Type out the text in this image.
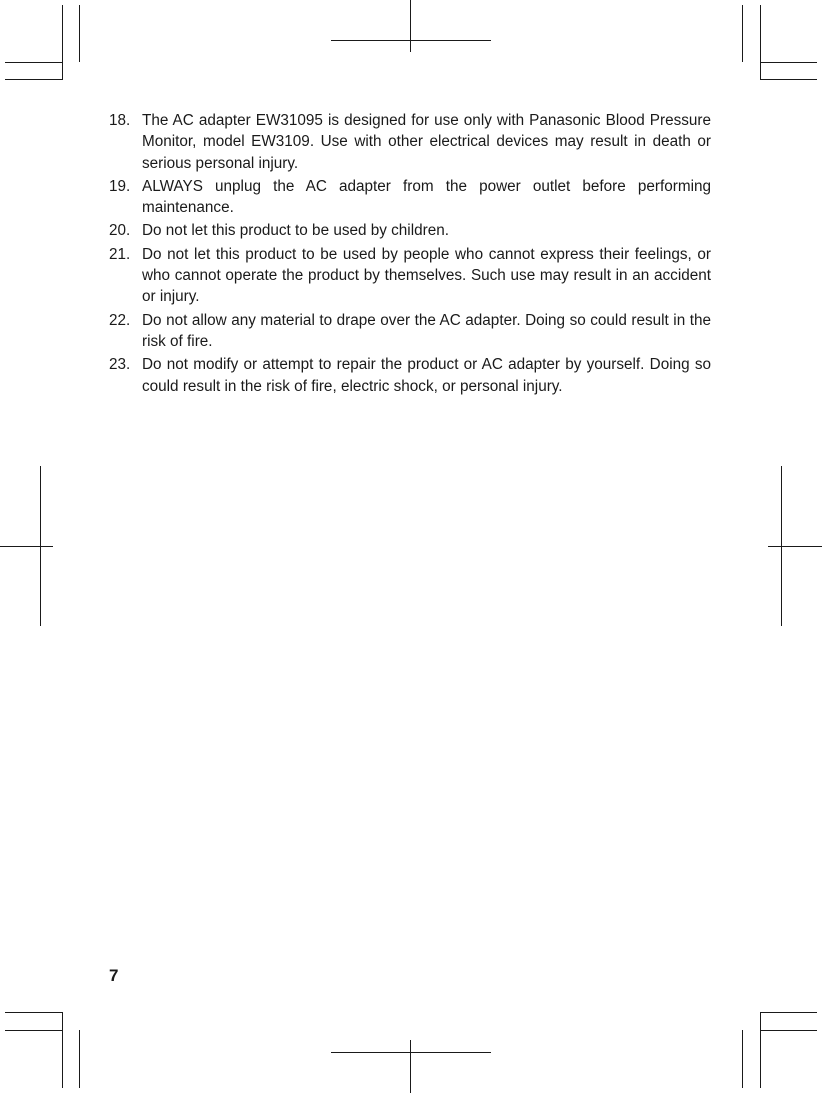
18. The AC adapter EW31095 is designed for use only with Panasonic Blood Pressure Monitor, model EW3109. Use with other electrical devices may result in death or serious personal injury.

19. ALWAYS unplug the AC adapter from the power outlet before performing maintenance.

20. Do not let this product to be used by children.

21. Do not let this product to be used by people who cannot express their feelings, or who cannot operate the product by themselves. Such use may result in an accident or injury.

22. Do not allow any material to drape over the AC adapter. Doing so could result in the risk of fire.

23. Do not modify or attempt to repair the product or AC adapter by yourself. Doing so could result in the risk of fire, electric shock, or personal injury.

7
